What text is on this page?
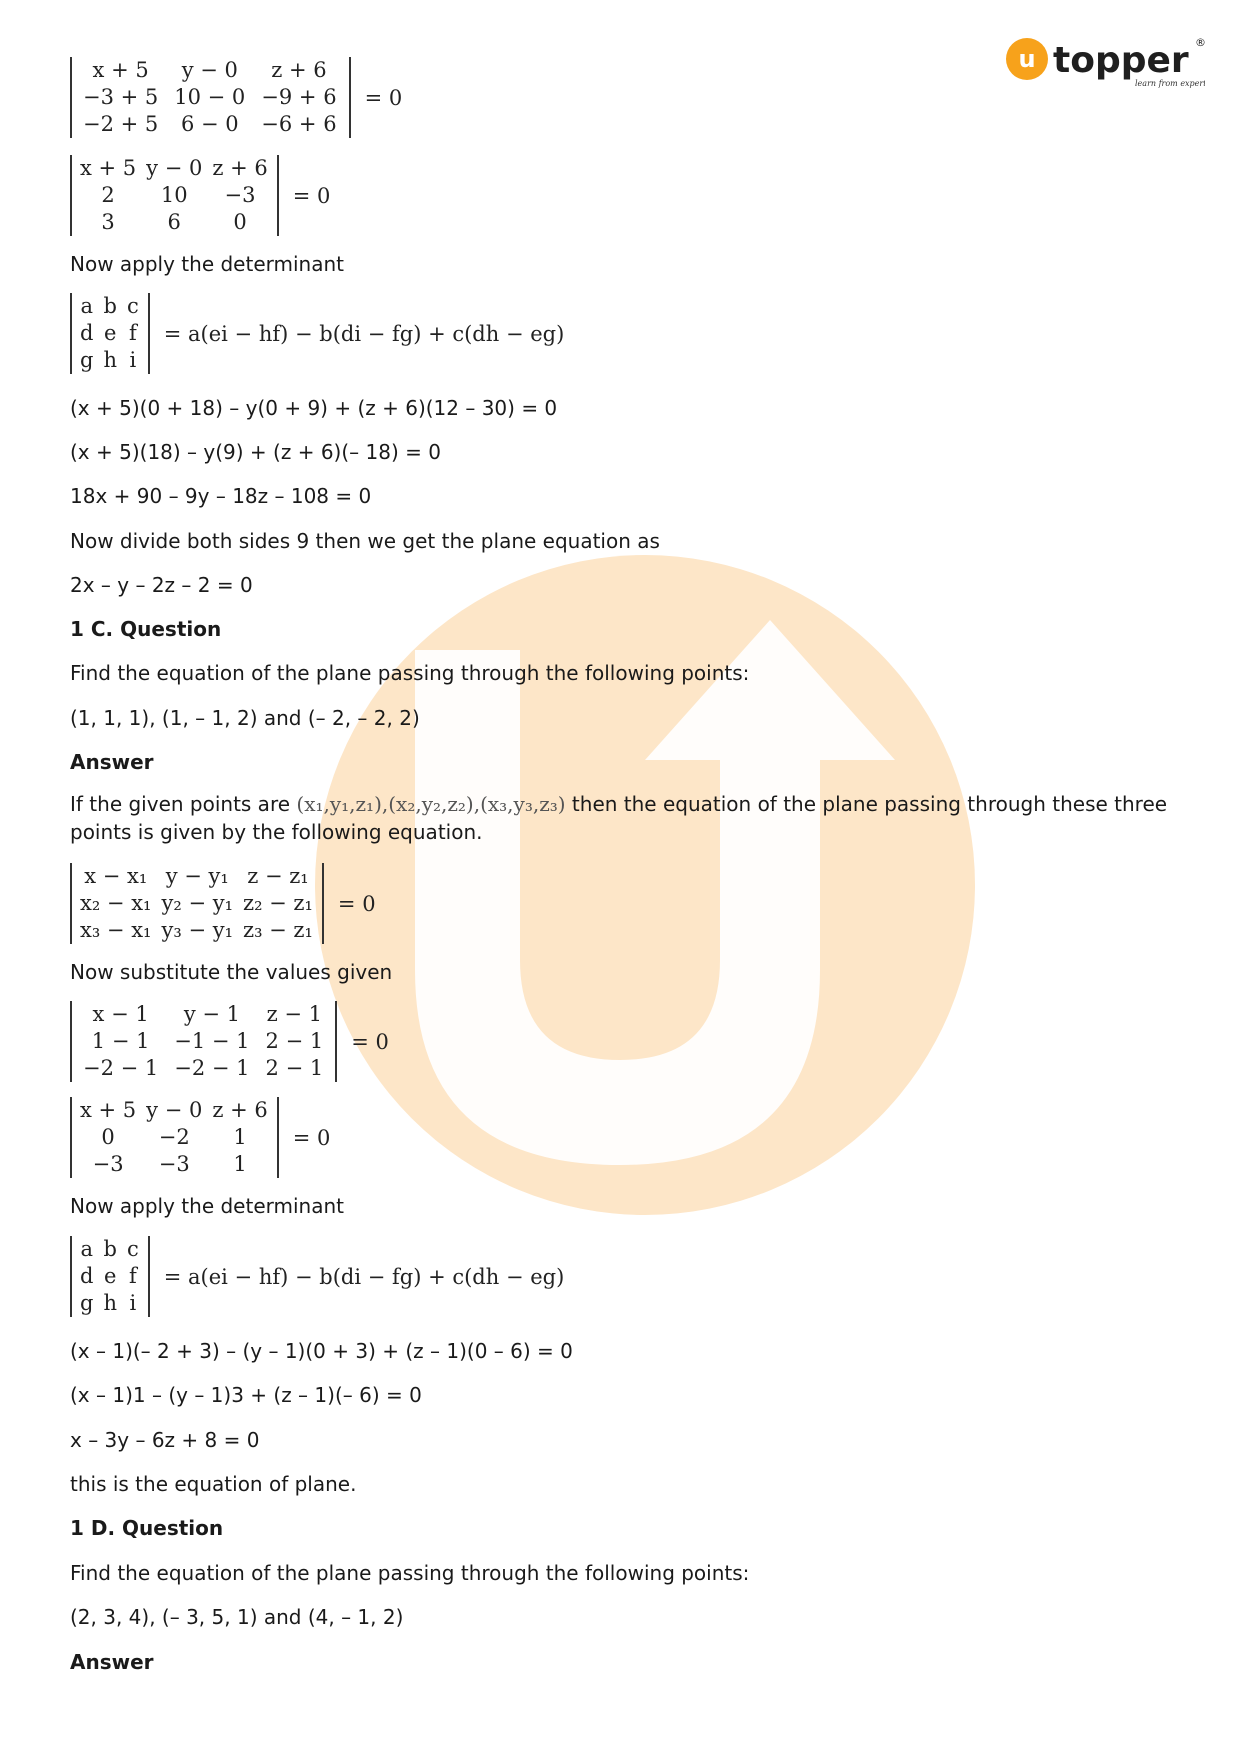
u topper ®
learn from experts
x + 5	y − 0	z + 6
−3 + 5	10 − 0	−9 + 6
−2 + 5	6 − 0	−6 + 6
= 0
x + 5	y − 0	z + 6
2	10	−3
3	6	0
= 0
Now apply the determinant
a	b	c
d	e	f
g	h	i
= a(ei − hf) − b(di − fg) + c(dh − eg)
(x + 5)(0 + 18) – y(0 + 9) + (z + 6)(12 – 30) = 0
(x + 5)(18) – y(9) + (z + 6)(– 18) = 0
18x + 90 – 9y – 18z – 108 = 0
Now divide both sides 9 then we get the plane equation as
2x – y – 2z – 2 = 0
1 C. Question
Find the equation of the plane passing through the following points:
(1, 1, 1), (1, – 1, 2) and (– 2, – 2, 2)
Answer
If the given points are (x₁,y₁,z₁),(x₂,y₂,z₂),(x₃,y₃,z₃) then the equation of the plane passing through these three points is given by the following equation.
x − x₁	y − y₁	z − z₁
x₂ − x₁	y₂ − y₁	z₂ − z₁
x₃ − x₁	y₃ − y₁	z₃ − z₁
= 0
Now substitute the values given
x − 1	y − 1	z − 1
1 − 1	−1 − 1	2 − 1
−2 − 1	−2 − 1	2 − 1
= 0
x + 5	y − 0	z + 6
0	−2	1
−3	−3	1
= 0
Now apply the determinant
a	b	c
d	e	f
g	h	i
= a(ei − hf) − b(di − fg) + c(dh − eg)
(x – 1)(– 2 + 3) – (y – 1)(0 + 3) + (z – 1)(0 – 6) = 0
(x – 1)1 – (y – 1)3 + (z – 1)(– 6) = 0
x – 3y – 6z + 8 = 0
this is the equation of plane.
1 D. Question
Find the equation of the plane passing through the following points:
(2, 3, 4), (– 3, 5, 1) and (4, – 1, 2)
Answer
